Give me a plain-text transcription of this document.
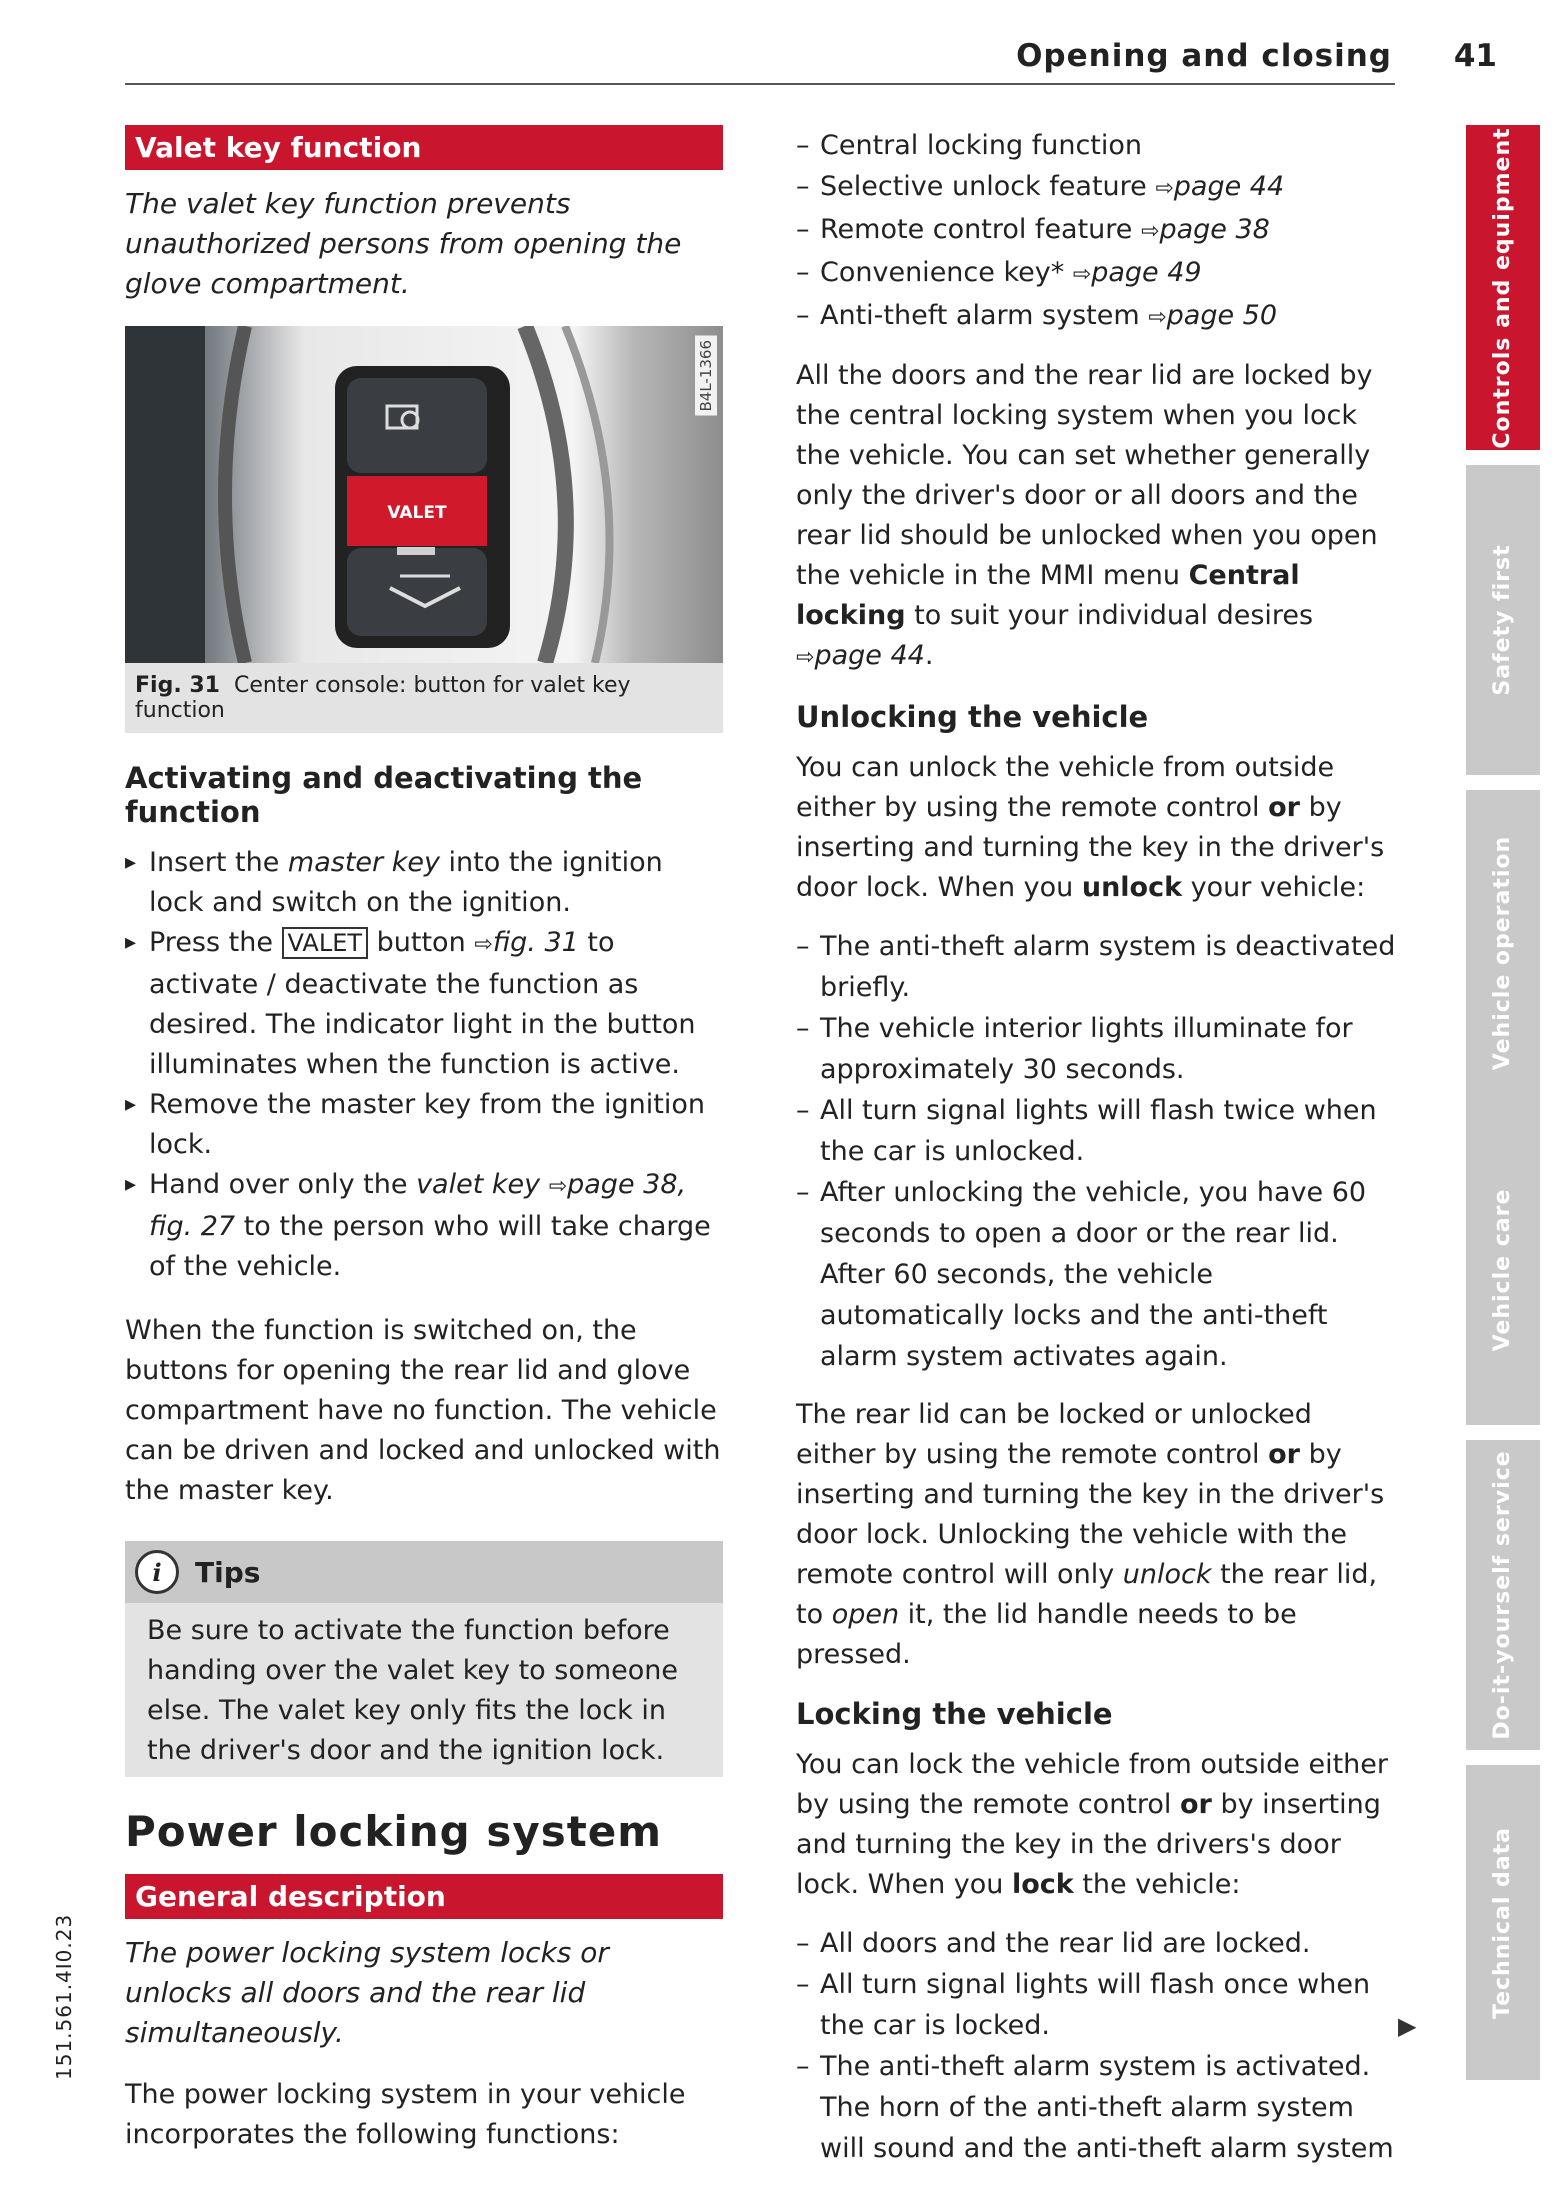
Opening and closing 41
Valet key function
The valet key function prevents unauthorized persons from opening the glove compartment.
VALET
B4L-1366
Fig. 31 Center console: button for valet key function
Activating and deactivating the function
▸ Insert the master key into the ignition lock and switch on the ignition.
▸ Press the VALET button ⇨fig. 31 to activate / deactivate the function as desired. The indicator light in the button illuminates when the function is active.
▸ Remove the master key from the ignition lock.
▸ Hand over only the valet key ⇨page 38, fig. 27 to the person who will take charge of the vehicle.

When the function is switched on, the buttons for opening the rear lid and glove compartment have no function. The vehicle can be driven and locked and unlocked with the master key.

i	Tips
Be sure to activate the function before handing over the valet key to someone else. The valet key only fits the lock in the driver's door and the ignition lock.
Power locking system
General description
The power locking system locks or unlocks all doors and the rear lid simultaneously.

The power locking system in your vehicle incorporates the following functions:

– Central locking function
– Selective unlock feature ⇨page 44
– Remote control feature ⇨page 38
– Convenience key* ⇨page 49
– Anti-theft alarm system ⇨page 50

All the doors and the rear lid are locked by the central locking system when you lock the vehicle. You can set whether generally only the driver's door or all doors and the rear lid should be unlocked when you open the vehicle in the MMI menu Central locking to suit your individual desires ⇨page 44.

Unlocking the vehicle

You can unlock the vehicle from outside either by using the remote control or by inserting and turning the key in the driver's door lock. When you unlock your vehicle:

– The anti-theft alarm system is deactivated briefly.
– The vehicle interior lights illuminate for approximately 30 seconds.
– All turn signal lights will flash twice when the car is unlocked.
– After unlocking the vehicle, you have 60 seconds to open a door or the rear lid. After 60 seconds, the vehicle automatically locks and the anti-theft alarm system activates again.

The rear lid can be locked or unlocked either by using the remote control or by inserting and turning the key in the driver's door lock. Unlocking the vehicle with the remote control will only unlock the rear lid, to open it, the lid handle needs to be pressed.

Locking the vehicle

You can lock the vehicle from outside either by using the remote control or by inserting and turning the key in the drivers's door lock. When you lock the vehicle:

– All doors and the rear lid are locked.
– All turn signal lights will flash once when the car is locked.
– The anti-theft alarm system is activated. The horn of the anti-theft alarm system will sound and the anti-theft alarm system
▶
Controls and equipment
Safety first
Vehicle operation
Vehicle care
Do-it-yourself service
Technical data
151.561.4I0.23
